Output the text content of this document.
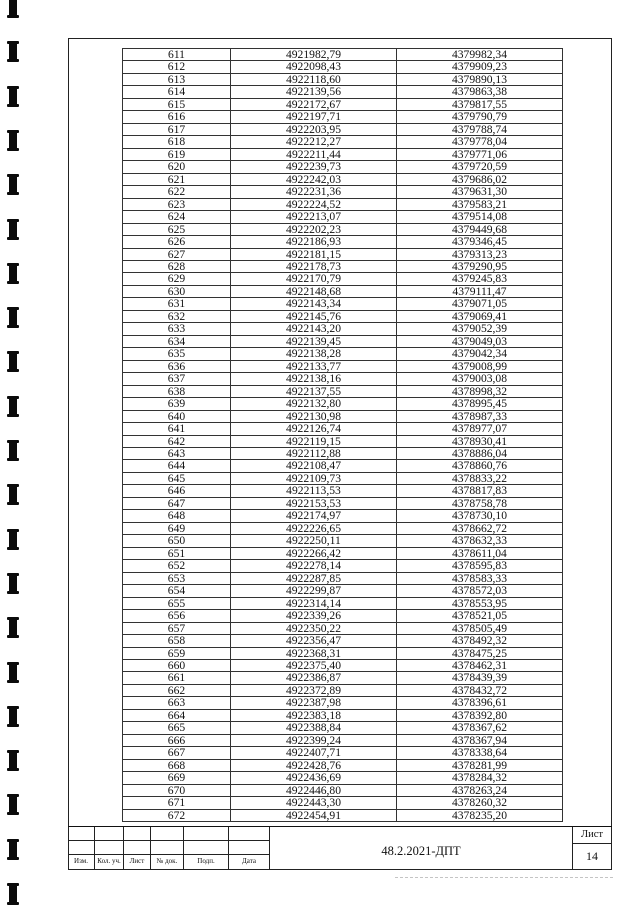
611	4921982,79	4379982,34
612	4922098,43	4379909,23
613	4922118,60	4379890,13
614	4922139,56	4379863,38
615	4922172,67	4379817,55
616	4922197,71	4379790,79
617	4922203,95	4379788,74
618	4922212,27	4379778,04
619	4922211,44	4379771,06
620	4922239,73	4379720,59
621	4922242,03	4379686,02
622	4922231,36	4379631,30
623	4922224,52	4379583,21
624	4922213,07	4379514,08
625	4922202,23	4379449,68
626	4922186,93	4379346,45
627	4922181,15	4379313,23
628	4922178,73	4379290,95
629	4922170,79	4379245,83
630	4922148,68	4379111,47
631	4922143,34	4379071,05
632	4922145,76	4379069,41
633	4922143,20	4379052,39
634	4922139,45	4379049,03
635	4922138,28	4379042,34
636	4922133,77	4379008,99
637	4922138,16	4379003,08
638	4922137,55	4378998,32
639	4922132,80	4378995,45
640	4922130,98	4378987,33
641	4922126,74	4378977,07
642	4922119,15	4378930,41
643	4922112,88	4378886,04
644	4922108,47	4378860,76
645	4922109,73	4378833,22
646	4922113,53	4378817,83
647	4922153,53	4378758,78
648	4922174,97	4378730,10
649	4922226,65	4378662,72
650	4922250,11	4378632,33
651	4922266,42	4378611,04
652	4922278,14	4378595,83
653	4922287,85	4378583,33
654	4922299,87	4378572,03
655	4922314,14	4378553,95
656	4922339,26	4378521,05
657	4922350,22	4378505,49
658	4922356,47	4378492,32
659	4922368,31	4378475,25
660	4922375,40	4378462,31
661	4922386,87	4378439,39
662	4922372,89	4378432,72
663	4922387,98	4378396,61
664	4922383,18	4378392,80
665	4922388,84	4378367,62
666	4922399,24	4378367,94
667	4922407,71	4378338,64
668	4922428,76	4378281,99
669	4922436,69	4378284,32
670	4922446,80	4378263,24
671	4922443,30	4378260,32
672	4922454,91	4378235,20
Изм.	Кол. уч.	Лист	№ док.	Подп.	Дата
48.2.2021-ДПТ
Лист
14
